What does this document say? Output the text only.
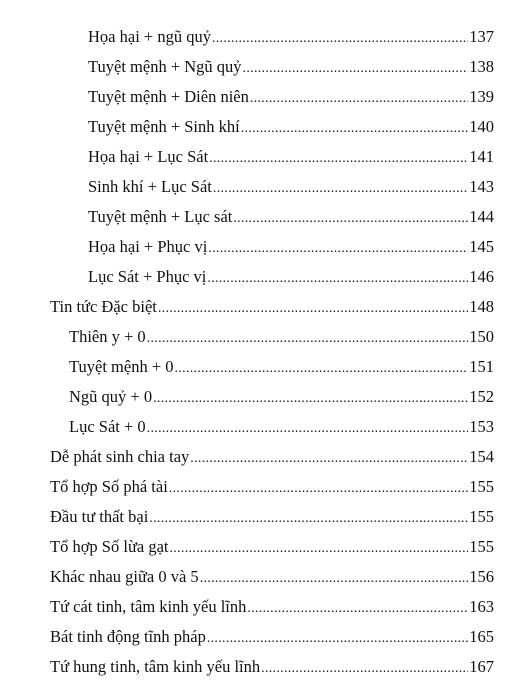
Họa hại + ngũ quỷ .....	137
Tuyệt mệnh + Ngũ quỷ .....	138
Tuyệt mệnh + Diên niên .....	139
Tuyệt mệnh + Sinh khí .....	140
Họa hại + Lục Sát .....	141
Sinh khí + Lục Sát .....	143
Tuyệt mệnh + Lục sát .....	144
Họa hại + Phục vị .....	145
Lục Sát + Phục vị .....	146
Tin tức Đặc biệt .....	148
Thiên y + 0 .....	150
Tuyệt mệnh + 0 .....	151
Ngũ quỷ + 0 .....	152
Lục Sát + 0 .....	153
Dễ phát sinh chia tay .....	154
Tổ hợp Số phá tài .....	155
Đầu tư thất bại .....	155
Tổ hợp Số lừa gạt .....	155
Khác nhau giữa 0 và 5 .....	156
Tứ cát tinh, tâm kinh yếu lĩnh .....	163
Bát tinh động tĩnh pháp .....	165
Tứ hung tinh, tâm kinh yếu lĩnh .....	167
